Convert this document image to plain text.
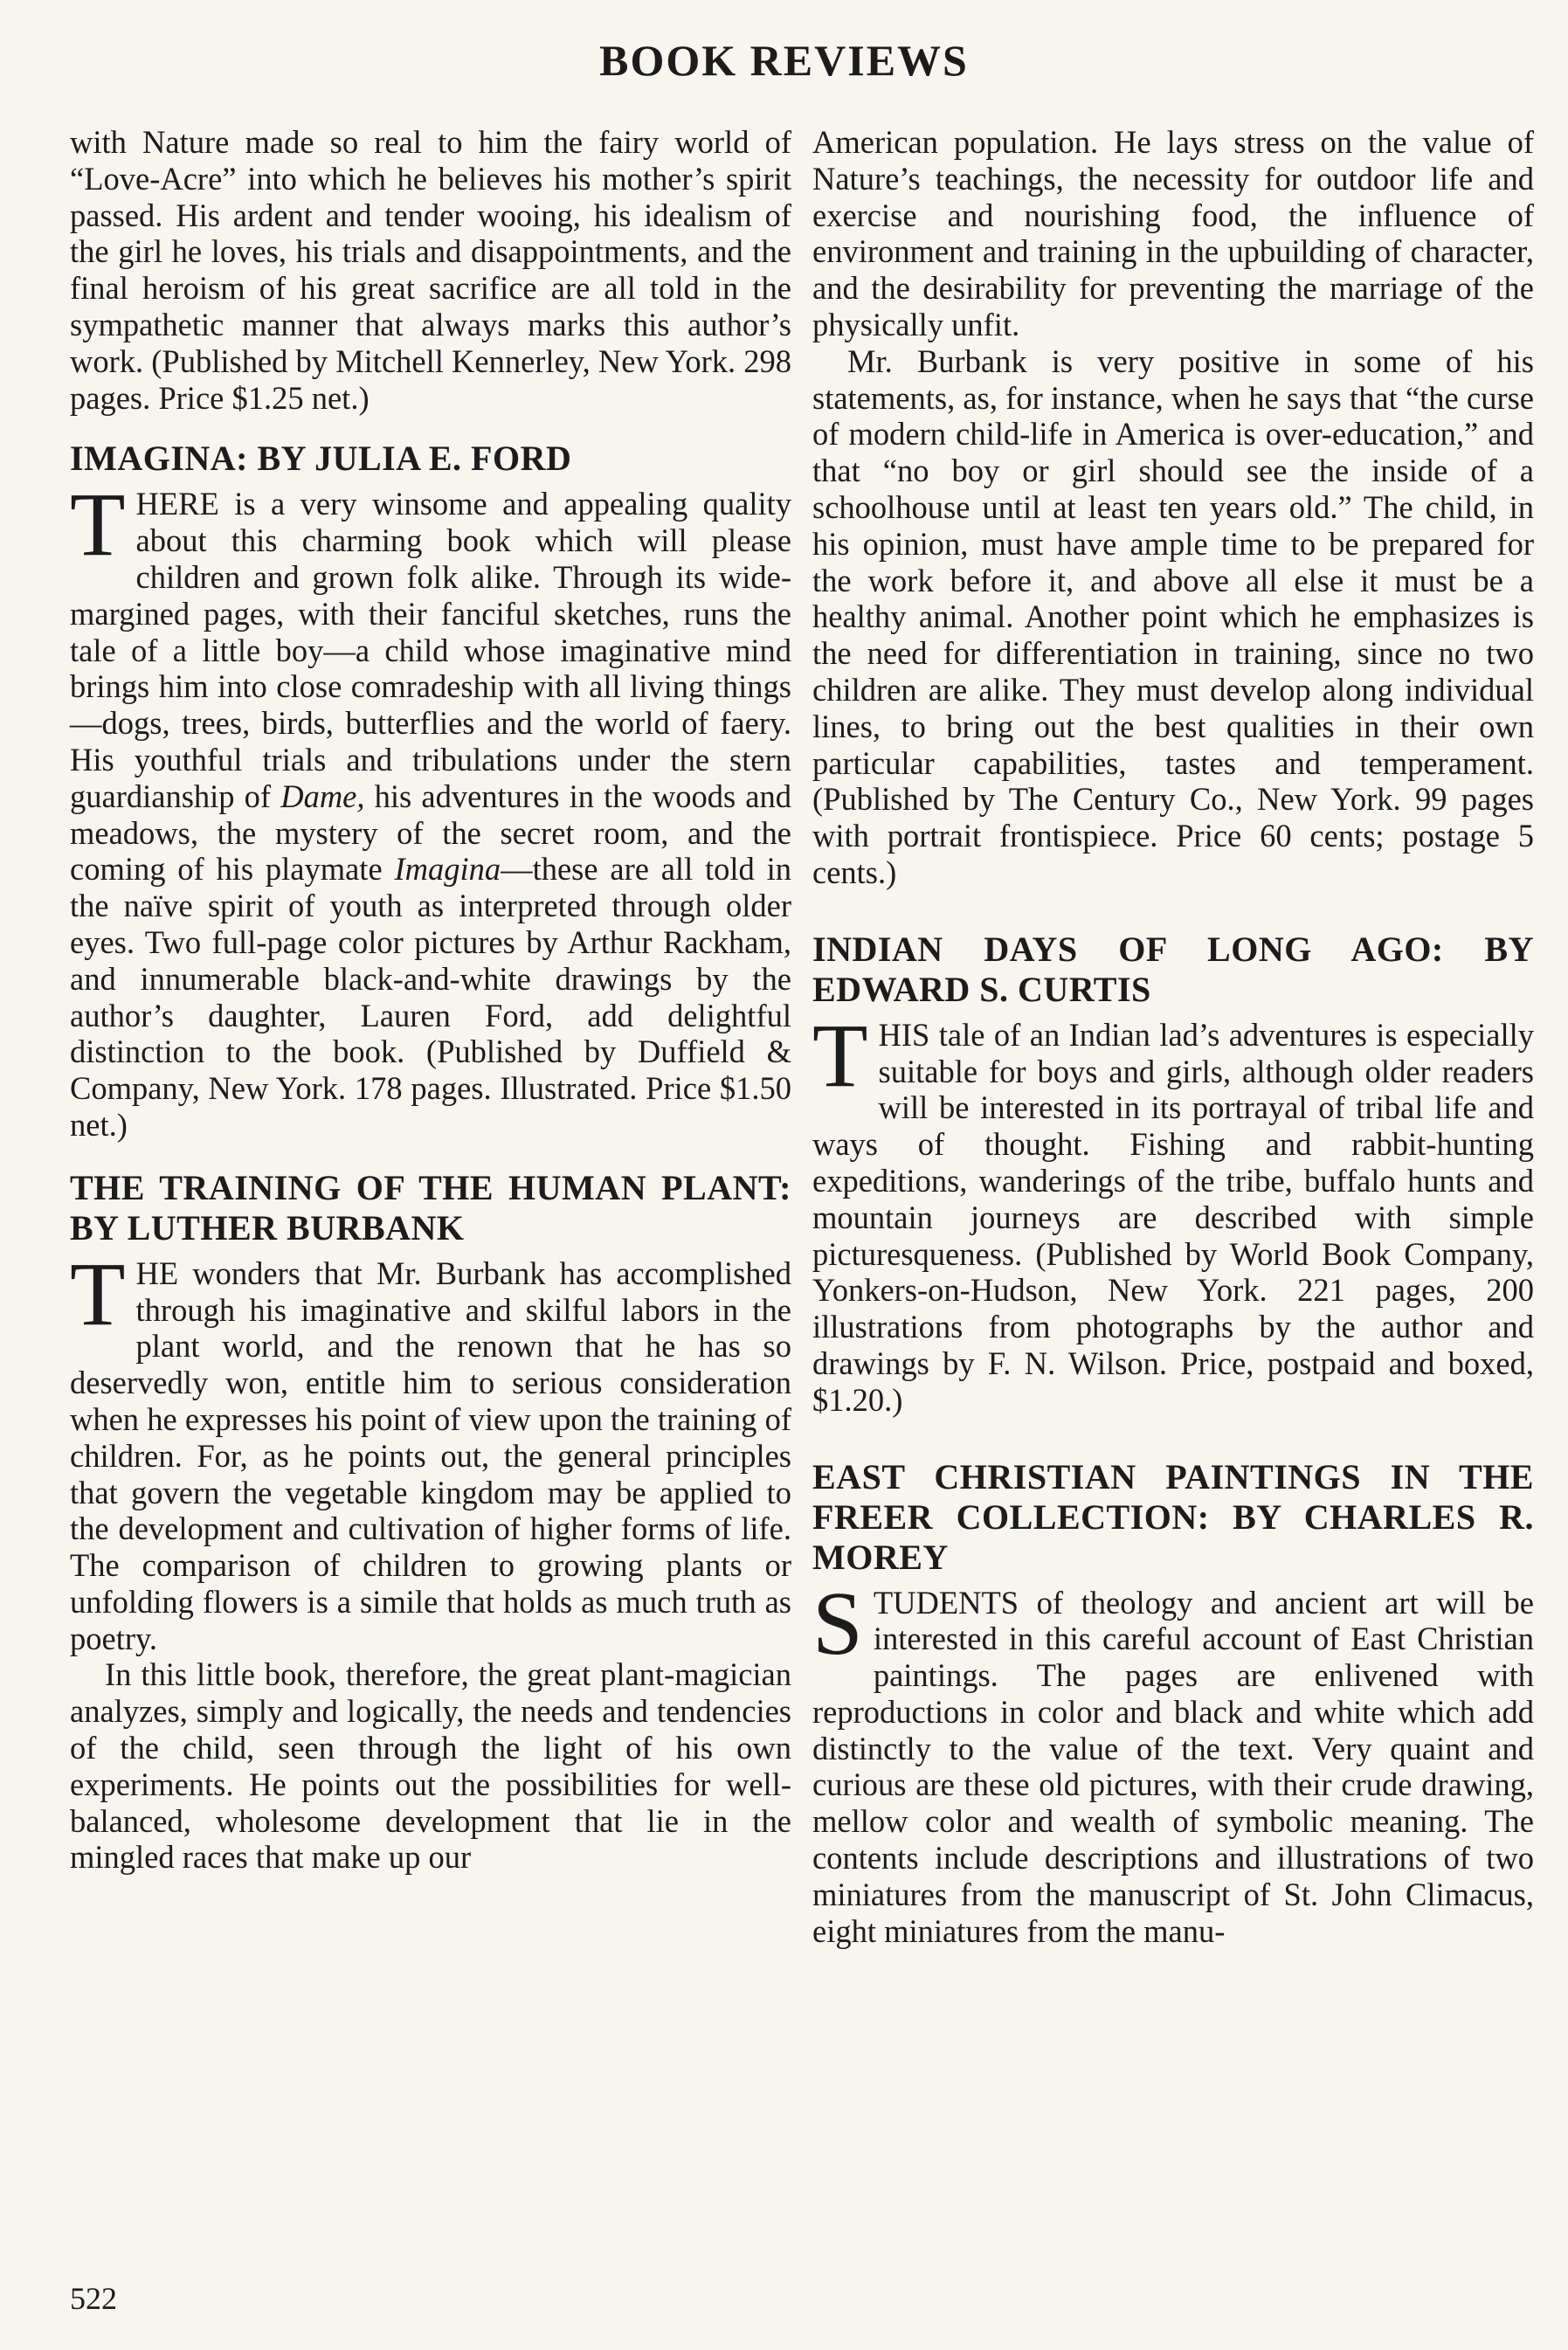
BOOK REVIEWS

with Nature made so real to him the fairy world of “Love-Acre” into which he believes his mother’s spirit passed. His ardent and tender wooing, his idealism of the girl he loves, his trials and disappointments, and the final heroism of his great sacrifice are all told in the sympathetic manner that always marks this author’s work. (Published by Mitchell Kennerley, New York. 298 pages. Price $1.25 net.)

IMAGINA: BY JULIA E. FORD

THERE is a very winsome and appealing quality about this charming book which will please children and grown folk alike. Through its wide-margined pages, with their fanciful sketches, runs the tale of a little boy—a child whose imaginative mind brings him into close comradeship with all living things—dogs, trees, birds, butterflies and the world of faery. His youthful trials and tribulations under the stern guardianship of Dame, his adventures in the woods and meadows, the mystery of the secret room, and the coming of his playmate Imagina—these are all told in the naïve spirit of youth as interpreted through older eyes. Two full-page color pictures by Arthur Rackham, and innumerable black-and-white drawings by the author’s daughter, Lauren Ford, add delightful distinction to the book. (Published by Duffield & Company, New York. 178 pages. Illustrated. Price $1.50 net.)

THE TRAINING OF THE HUMAN PLANT: BY LUTHER BURBANK

THE wonders that Mr. Burbank has accomplished through his imaginative and skilful labors in the plant world, and the renown that he has so deservedly won, entitle him to serious consideration when he expresses his point of view upon the training of children. For, as he points out, the general principles that govern the vegetable kingdom may be applied to the development and cultivation of higher forms of life. The comparison of children to growing plants or unfolding flowers is a simile that holds as much truth as poetry.

In this little book, therefore, the great plant-magician analyzes, simply and logically, the needs and tendencies of the child, seen through the light of his own experiments. He points out the possibilities for well-balanced, wholesome development that lie in the mingled races that make up our

American population. He lays stress on the value of Nature’s teachings, the necessity for outdoor life and exercise and nourishing food, the influence of environment and training in the upbuilding of character, and the desirability for preventing the marriage of the physically unfit.

Mr. Burbank is very positive in some of his statements, as, for instance, when he says that “the curse of modern child-life in America is over-education,” and that “no boy or girl should see the inside of a schoolhouse until at least ten years old.” The child, in his opinion, must have ample time to be prepared for the work before it, and above all else it must be a healthy animal. Another point which he emphasizes is the need for differentiation in training, since no two children are alike. They must develop along individual lines, to bring out the best qualities in their own particular capabilities, tastes and temperament. (Published by The Century Co., New York. 99 pages with portrait frontispiece. Price 60 cents; postage 5 cents.)

INDIAN DAYS OF LONG AGO: BY EDWARD S. CURTIS

THIS tale of an Indian lad’s adventures is especially suitable for boys and girls, although older readers will be interested in its portrayal of tribal life and ways of thought. Fishing and rabbit-hunting expeditions, wanderings of the tribe, buffalo hunts and mountain journeys are described with simple picturesqueness. (Published by World Book Company, Yonkers-on-Hudson, New York. 221 pages, 200 illustrations from photographs by the author and drawings by F. N. Wilson. Price, postpaid and boxed, $1.20.)

EAST CHRISTIAN PAINTINGS IN THE FREER COLLECTION: BY CHARLES R. MOREY

STUDENTS of theology and ancient art will be interested in this careful account of East Christian paintings. The pages are enlivened with reproductions in color and black and white which add distinctly to the value of the text. Very quaint and curious are these old pictures, with their crude drawing, mellow color and wealth of symbolic meaning. The contents include descriptions and illustrations of two miniatures from the manuscript of St. John Climacus, eight miniatures from the manu-

522
